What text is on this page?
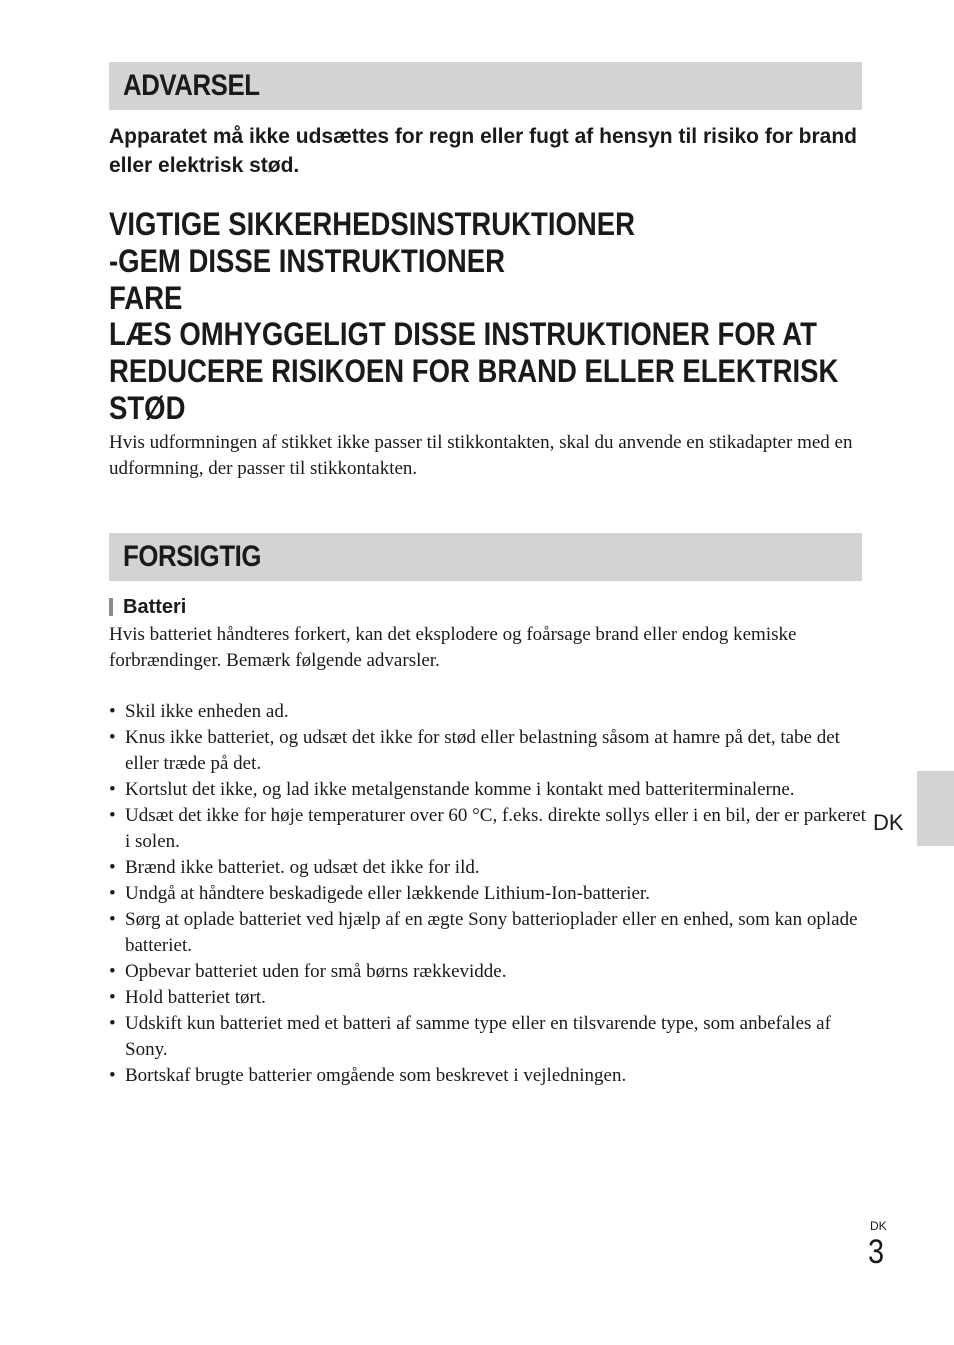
ADVARSEL
Apparatet må ikke udsættes for regn eller fugt af hensyn til risiko for brand eller elektrisk stød.
VIGTIGE SIKKERHEDSINSTRUKTIONER
-GEM DISSE INSTRUKTIONER
FARE
LÆS OMHYGGELIGT DISSE INSTRUKTIONER FOR AT
REDUCERE RISIKOEN FOR BRAND ELLER ELEKTRISK
STØD
Hvis udformningen af stikket ikke passer til stikkontakten, skal du anvende en stikadapter med en udformning, der passer til stikkontakten.
FORSIGTIG
Batteri
Hvis batteriet håndteres forkert, kan det eksplodere og foårsage brand eller endog kemiske forbrændinger. Bemærk følgende advarsler.
• Skil ikke enheden ad.
• Knus ikke batteriet, og udsæt det ikke for stød eller belastning såsom at hamre på det, tabe det eller træde på det.
• Kortslut det ikke, og lad ikke metalgenstande komme i kontakt med batteriterminalerne.
• Udsæt det ikke for høje temperaturer over 60 °C, f.eks. direkte sollys eller i en bil, der er parkeret i solen.
• Brænd ikke batteriet. og udsæt det ikke for ild.
• Undgå at håndtere beskadigede eller lækkende Lithium-Ion-batterier.
• Sørg at oplade batteriet ved hjælp af en ægte Sony batterioplader eller en enhed, som kan oplade batteriet.
• Opbevar batteriet uden for små børns rækkevidde.
• Hold batteriet tørt.
• Udskift kun batteriet med et batteri af samme type eller en tilsvarende type, som anbefales af Sony.
• Bortskaf brugte batterier omgående som beskrevet i vejledningen.
DK
DK
3
